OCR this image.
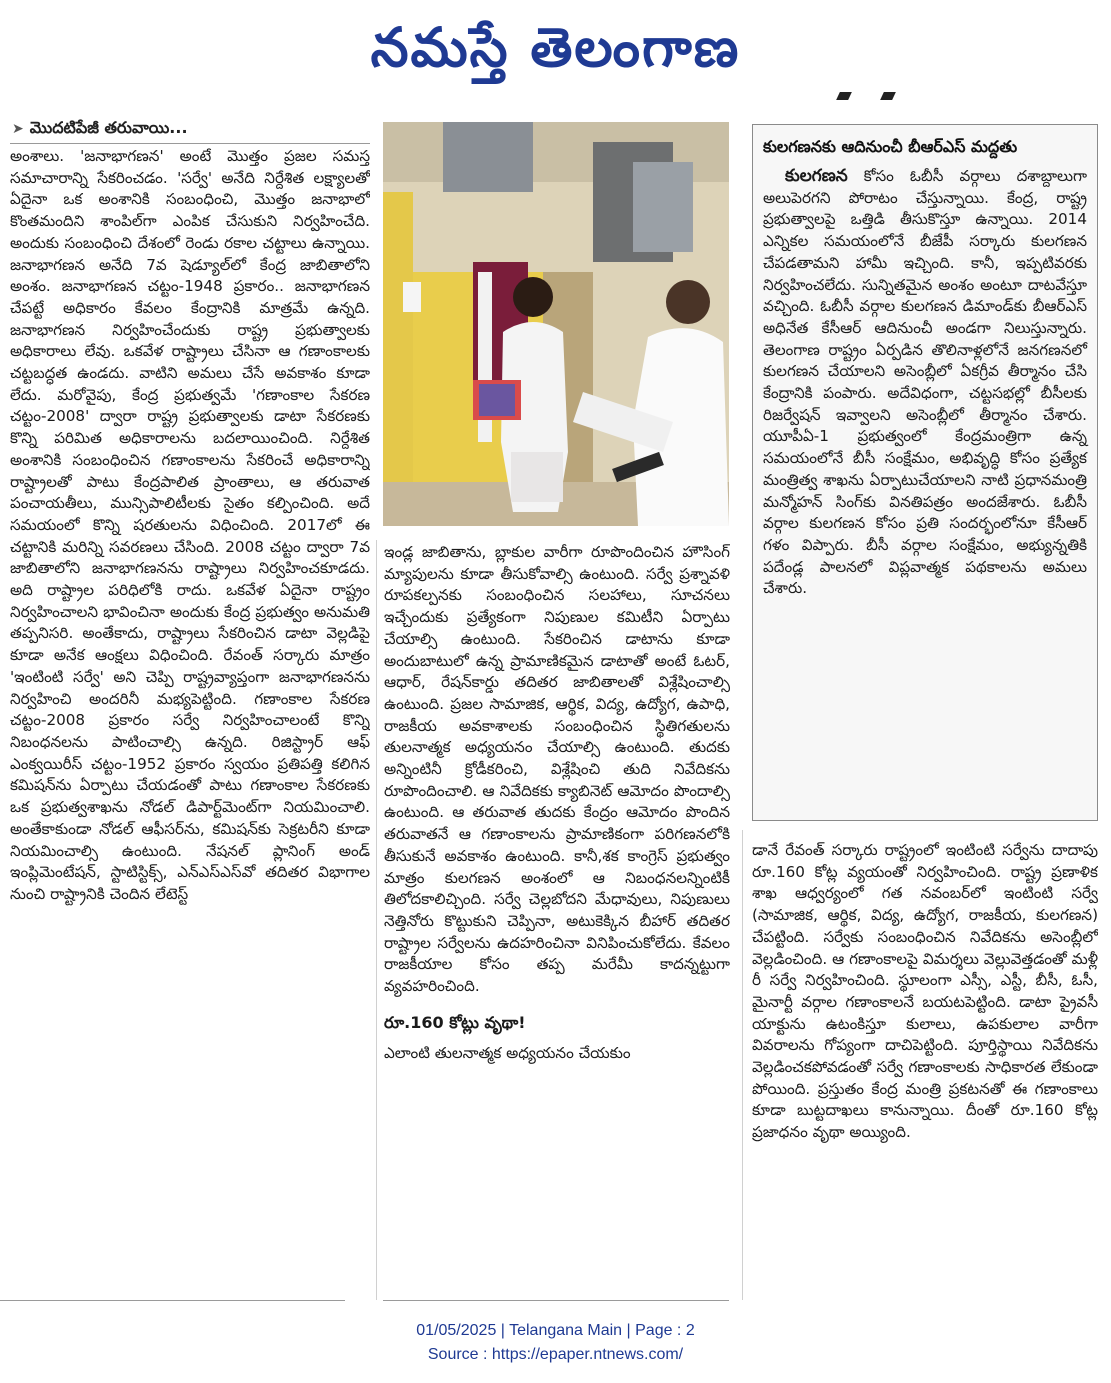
నమస్తే తెలంగాణ
➤ మొదటిపేజీ తరువాయి...

అంశాలు. 'జనాభాగణన' అంటే మొత్తం ప్రజల సమస్త సమాచారాన్ని సేకరించడం. 'సర్వే' అనేది నిర్దేశిత లక్ష్యాలతో ఏదైనా ఒక అంశానికి సంబంధించి, మొత్తం జనాభాలో కొంతమందిని శాంపిల్‌గా ఎంపిక చేసుకుని నిర్వహించేది. అందుకు సంబంధించి దేశంలో రెండు రకాల చట్టాలు ఉన్నాయి. జనాభాగణన అనేది 7వ షెడ్యూల్‌లో కేంద్ర జాబితాలోని అంశం. జనాభాగణన చట్టం-1948 ప్రకారం.. జనాభాగణన చేపట్టే అధికారం కేవలం కేంద్రానికి మాత్రమే ఉన్నది. జనాభాగణన నిర్వహించేందుకు రాష్ట్ర ప్రభుత్వాలకు అధికారాలు లేవు. ఒకవేళ రాష్ట్రాలు చేసినా ఆ గణాంకాలకు చట్టబద్ధత ఉండదు. వాటిని అమలు చేసే అవకాశం కూడా లేదు. మరోవైపు, కేంద్ర ప్రభుత్వమే 'గణాంకాల సేకరణ చట్టం-2008' ద్వారా రాష్ట్ర ప్రభుత్వాలకు డాటా సేకరణకు కొన్ని పరిమిత అధికారాలను బదలాయించింది. నిర్దేశిత అంశానికి సంబంధించిన గణాంకాలను సేకరించే అధికారాన్ని రాష్ట్రాలతో పాటు కేంద్రపాలిత ప్రాంతాలు, ఆ తరువాత పంచాయతీలు, మున్సిపాలిటీలకు సైతం కల్పించింది. అదే సమయంలో కొన్ని షరతులను విధించింది. 2017లో ఈ చట్టానికి మరిన్ని సవరణలు చేసింది. 2008 చట్టం ద్వారా 7వ జాబితాలోని జనాభాగణనను రాష్ట్రాలు నిర్వహించకూడదు. అది రాష్ట్రాల పరిధిలోకి రాదు. ఒకవేళ ఏదైనా రాష్ట్రం నిర్వహించాలని భావించినా అందుకు కేంద్ర ప్రభుత్వం అనుమతి తప్పనిసరి. అంతేకాదు, రాష్ట్రాలు సేకరించిన డాటా వెల్లడిపై కూడా అనేక ఆంక్షలు విధించింది. రేవంత్ సర్కారు మాత్రం 'ఇంటింటి సర్వే' అని చెప్పి రాష్ట్రవ్యాప్తంగా జనాభాగణనను నిర్వహించి అందరినీ మభ్యపెట్టింది. గణాంకాల సేకరణ చట్టం-2008 ప్రకారం సర్వే నిర్వహించాలంటే కొన్ని నిబంధనలను పాటించాల్సి ఉన్నది. రిజిస్ట్రార్ ఆఫ్ ఎంక్వయిరీస్ చట్టం-1952 ప్రకారం స్వయం ప్రతిపత్తి కలిగిన కమిషన్‌ను ఏర్పాటు చేయడంతో పాటు గణాంకాల సేకరణకు ఒక ప్రభుత్వశాఖను నోడల్ డిపార్ట్‌మెంట్‌గా నియమించాలి. అంతేకాకుండా నోడల్ ఆఫీసర్‌ను, కమిషన్‌కు సెక్రటరీని కూడా నియమించాల్సి ఉంటుంది. నేషనల్ ప్లానింగ్ అండ్ ఇంప్లిమెంటేషన్, స్టాటిస్టిక్స్, ఎన్‌ఎస్‌ఎస్‌వో తదితర విభాగాల నుంచి రాష్ట్రానికి చెందిన లేటెస్ట్

ఇండ్ల జాబితాను, బ్లాకుల వారీగా రూపొందించిన హౌసింగ్ మ్యాపులను కూడా తీసుకోవాల్సి ఉంటుంది. సర్వే ప్రశ్నావళి రూపకల్పనకు సంబంధించిన సలహాలు, సూచనలు ఇచ్చేందుకు ప్రత్యేకంగా నిపుణుల కమిటీని ఏర్పాటు చేయాల్సి ఉంటుంది. సేకరించిన డాటాను కూడా అందుబాటులో ఉన్న ప్రామాణికమైన డాటాతో అంటే ఓటర్, ఆధార్, రేషన్‌కార్డు తదితర జాబితాలతో విశ్లేషించాల్సి ఉంటుంది. ప్రజల సామాజిక, ఆర్థిక, విద్య, ఉద్యోగ, ఉపాధి, రాజకీయ అవకాశాలకు సంబంధించిన స్థితిగతులను తులనాత్మక అధ్యయనం చేయాల్సి ఉంటుంది. తుదకు అన్నింటినీ క్రోడీకరించి, విశ్లేషించి తుది నివేదికను రూపొందించాలి. ఆ నివేదికకు క్యాబినెట్ ఆమోదం పొందాల్సి ఉంటుంది. ఆ తరువాత తుదకు కేంద్రం ఆమోదం పొందిన తరువాతనే ఆ గణాంకాలను ప్రామాణికంగా పరిగణనలోకి తీసుకునే అవకాశం ఉంటుంది. కానీ,శక కాంగ్రెస్ ప్రభుత్వం మాత్రం కులగణన అంశంలో ఆ నిబంధనలన్నింటికీ తిలోదకాలిచ్చింది. సర్వే చెల్లబోదని మేధావులు, నిపుణులు నెత్తినోరు కొట్టుకుని చెప్పినా, అటుకెక్కిన బీహార్ తదితర రాష్ట్రాల సర్వేలను ఉదహరించినా వినిపించుకోలేదు. కేవలం రాజకీయాల కోసం తప్ప మరేమీ కాదన్నట్టుగా వ్యవహరించింది.

రూ.160 కోట్లు వృథా!

ఎలాంటి తులనాత్మక అధ్యయనం చేయకుం

కులగణనకు ఆదినుంచీ బీఆర్‌ఎస్ మద్దతు
కులగణన కోసం ఓబీసీ వర్గాలు దశాబ్దాలుగా అలుపెరగని పోరాటం చేస్తున్నాయి. కేంద్ర, రాష్ట్ర ప్రభుత్వాలపై ఒత్తిడి తీసుకొస్తూ ఉన్నాయి. 2014 ఎన్నికల సమయంలోనే బీజేపీ సర్కారు కులగణన చేపడతామని హామీ ఇచ్చింది. కానీ, ఇప్పటివరకు నిర్వహించలేదు. సున్నితమైన అంశం అంటూ దాటవేస్తూ వచ్చింది. ఓబీసీ వర్గాల కులగణన డిమాండ్‌కు బీఆర్‌ఎస్ అధినేత కేసీఆర్ ఆదినుంచీ అండగా నిలుస్తున్నారు. తెలంగాణ రాష్ట్రం ఏర్పడిన తొలినాళ్లలోనే జనగణనలో కులగణన చేయాలని అసెంబ్లీలో ఏకగ్రీవ తీర్మానం చేసి కేంద్రానికి పంపారు. అదేవిధంగా, చట్టసభల్లో బీసీలకు రిజర్వేషన్ ఇవ్వాలని అసెంబ్లీలో తీర్మానం చేశారు. యూపీఏ-1 ప్రభుత్వంలో కేంద్రమంత్రిగా ఉన్న సమయంలోనే బీసీ సంక్షేమం, అభివృద్ధి కోసం ప్రత్యేక మంత్రిత్వ శాఖను ఏర్పాటుచేయాలని నాటి ప్రధానమంత్రి మన్మోహన్ సింగ్‌కు వినతిపత్రం అందజేశారు. ఓబీసీ వర్గాల కులగణన కోసం ప్రతి సందర్భంలోనూ కేసీఆర్ గళం విప్పారు. బీసీ వర్గాల సంక్షేమం, అభ్యున్నతికి పదేండ్ల పాలనలో విప్లవాత్మక పథకాలను అమలు చేశారు.

డానే రేవంత్ సర్కారు రాష్ట్రంలో ఇంటింటి సర్వేను దాదాపు రూ.160 కోట్ల వ్యయంతో నిర్వహించింది. రాష్ట్ర ప్రణాళిక శాఖ ఆధ్వర్యంలో గత నవంబర్‌లో ఇంటింటి సర్వే (సామాజిక, ఆర్థిక, విద్య, ఉద్యోగ, రాజకీయ, కులగణన) చేపట్టింది. సర్వేకు సంబంధించిన నివేదికను అసెంబ్లీలో వెల్లడించింది. ఆ గణాంకాలపై విమర్శలు వెల్లువెత్తడంతో మళ్లీ రీ సర్వే నిర్వహించింది. స్థూలంగా ఎస్సీ, ఎస్టీ, బీసీ, ఓసీ, మైనార్టీ వర్గాల గణాంకాలనే బయటపెట్టింది. డాటా ప్రైవసీ యాక్టును ఉటంకిస్తూ కులాలు, ఉపకులాల వారీగా వివరాలను గోప్యంగా దాచిపెట్టింది. పూర్తిస్థాయి నివేదికను వెల్లడించకపోవడంతో సర్వే గణాంకాలకు సాధికారత లేకుండా పోయింది. ప్రస్తుతం కేంద్ర మంత్రి ప్రకటనతో ఈ గణాంకాలు కూడా బుట్టదాఖలు కానున్నాయి. దీంతో రూ.160 కోట్ల ప్రజాధనం వృథా అయ్యింది.

01/05/2025 | Telangana Main | Page : 2
Source : https://epaper.ntnews.com/
